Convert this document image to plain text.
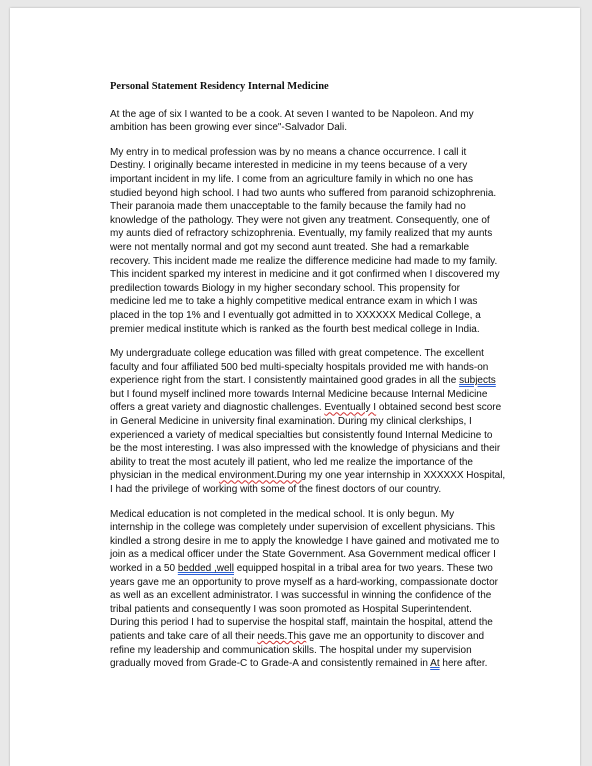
Personal Statement Residency Internal Medicine

At the age of six I wanted to be a cook. At seven I wanted to be Napoleon. And my
ambition has been growing ever since"-Salvador Dali.

My entry in to medical profession was by no means a chance occurrence. I call it
Destiny. I originally became interested in medicine in my teens because of a very
important incident in my life. I come from an agriculture family in which no one has
studied beyond high school. I had two aunts who suffered from paranoid schizophrenia.
Their paranoia made them unacceptable to the family because the family had no
knowledge of the pathology. They were not given any treatment. Consequently, one of
my aunts died of refractory schizophrenia. Eventually, my family realized that my aunts
were not mentally normal and got my second aunt treated. She had a remarkable
recovery. This incident made me realize the difference medicine had made to my family.
This incident sparked my interest in medicine and it got confirmed when I discovered my
predilection towards Biology in my higher secondary school. This propensity for
medicine led me to take a highly competitive medical entrance exam in which I was
placed in the top 1% and I eventually got admitted in to XXXXXX Medical College, a
premier medical institute which is ranked as the fourth best medical college in India.

My undergraduate college education was filled with great competence. The excellent
faculty and four affiliated 500 bed multi-specialty hospitals provided me with hands-on
experience right from the start. I consistently maintained good grades in all the subjects
but I found myself inclined more towards Internal Medicine because Internal Medicine
offers a great variety and diagnostic challenges. Eventually I obtained second best score
in General Medicine in university final examination. During my clinical clerkships, I
experienced a variety of medical specialties but consistently found Internal Medicine to
be the most interesting. I was also impressed with the knowledge of physicians and their
ability to treat the most acutely ill patient, who led me realize the importance of the
physician in the medical environment.During my one year internship in XXXXXX Hospital,
I had the privilege of working with some of the finest doctors of our country.

Medical education is not completed in the medical school. It is only begun. My
internship in the college was completely under supervision of excellent physicians. This
kindled a strong desire in me to apply the knowledge I have gained and motivated me to
join as a medical officer under the State Government. Asa Government medical officer I
worked in a 50 bedded ,well equipped hospital in a tribal area for two years. These two
years gave me an opportunity to prove myself as a hard-working, compassionate doctor
as well as an excellent administrator. I was successful in winning the confidence of the
tribal patients and consequently I was soon promoted as Hospital Superintendent.
During this period I had to supervise the hospital staff, maintain the hospital, attend the
patients and take care of all their needs.This gave me an opportunity to discover and
refine my leadership and communication skills. The hospital under my supervision
gradually moved from Grade-C to Grade-A and consistently remained in At here after.
